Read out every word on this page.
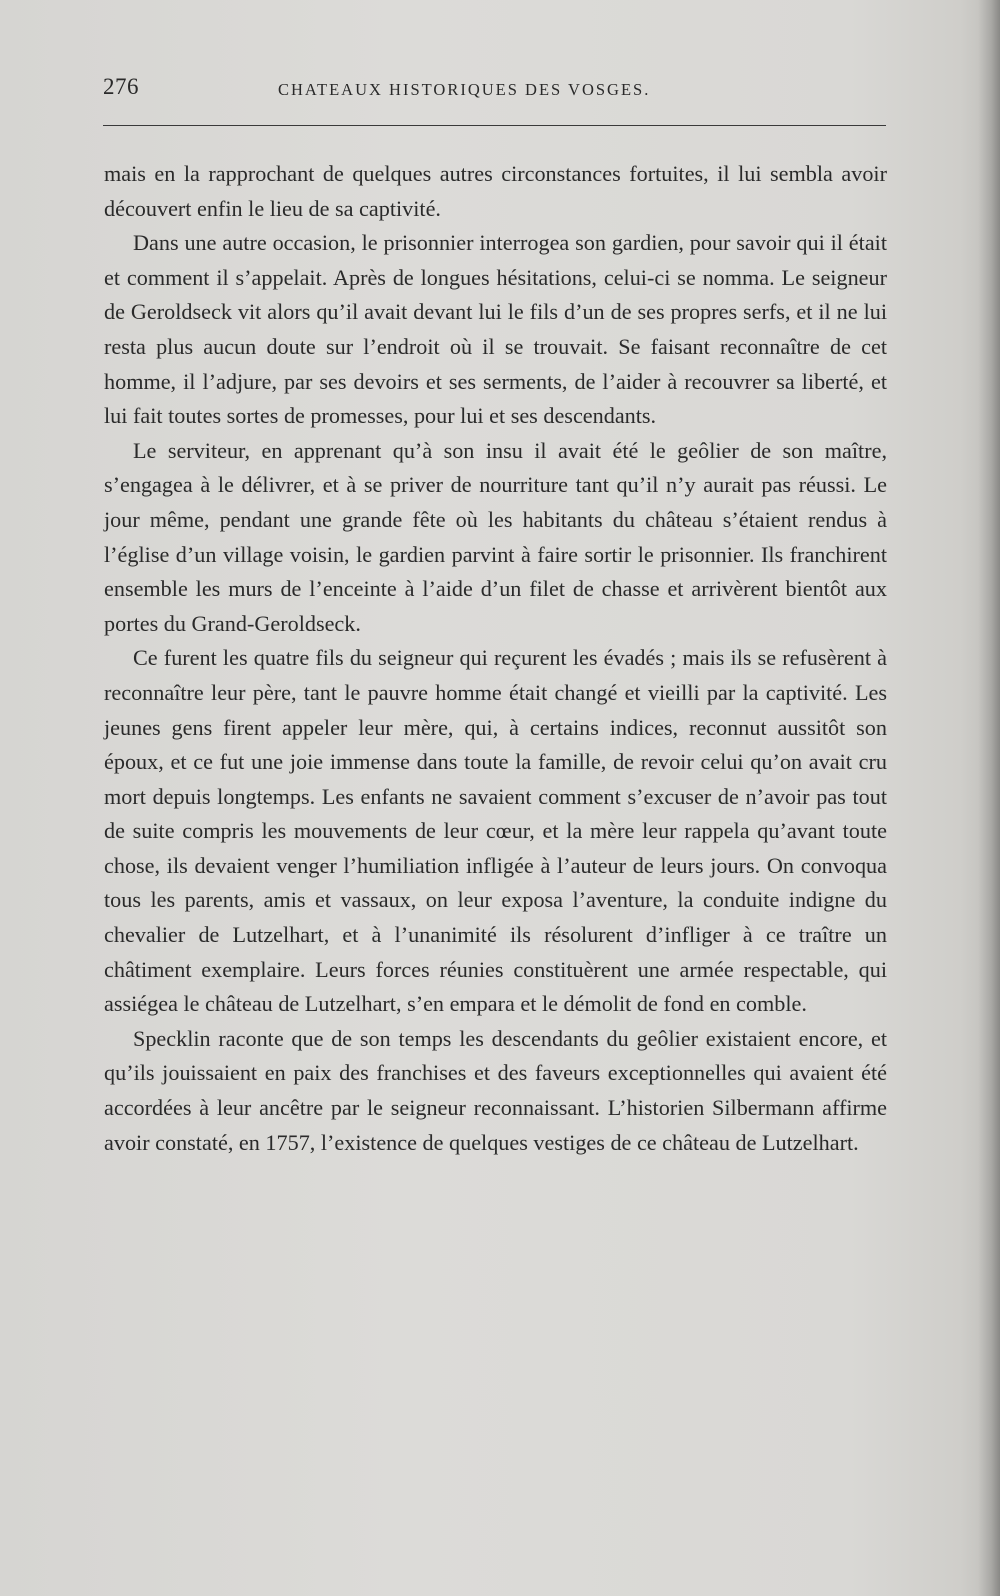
276	CHATEAUX HISTORIQUES DES VOSGES.

mais en la rapprochant de quelques autres circonstances fortuites, il lui sembla avoir découvert enfin le lieu de sa captivité.

Dans une autre occasion, le prisonnier interrogea son gardien, pour savoir qui il était et comment il s’appelait. Après de longues hésitations, celui-ci se nomma. Le seigneur de Geroldseck vit alors qu’il avait devant lui le fils d’un de ses propres serfs, et il ne lui resta plus aucun doute sur l’endroit où il se trouvait. Se faisant reconnaître de cet homme, il l’adjure, par ses devoirs et ses serments, de l’aider à recouvrer sa liberté, et lui fait toutes sortes de promesses, pour lui et ses descendants.

Le serviteur, en apprenant qu’à son insu il avait été le geôlier de son maître, s’engagea à le délivrer, et à se priver de nourriture tant qu’il n’y aurait pas réussi. Le jour même, pendant une grande fête où les habitants du château s’étaient rendus à l’église d’un village voisin, le gardien parvint à faire sortir le prisonnier. Ils franchirent ensemble les murs de l’enceinte à l’aide d’un filet de chasse et arrivèrent bientôt aux portes du Grand-Geroldseck.

Ce furent les quatre fils du seigneur qui reçurent les évadés ; mais ils se refusèrent à reconnaître leur père, tant le pauvre homme était changé et vieilli par la captivité. Les jeunes gens firent appeler leur mère, qui, à certains indices, reconnut aussitôt son époux, et ce fut une joie immense dans toute la famille, de revoir celui qu’on avait cru mort depuis longtemps. Les enfants ne savaient comment s’excuser de n’avoir pas tout de suite compris les mouvements de leur cœur, et la mère leur rappela qu’avant toute chose, ils devaient venger l’humiliation infligée à l’auteur de leurs jours. On convoqua tous les parents, amis et vassaux, on leur exposa l’aventure, la conduite indigne du chevalier de Lutzelhart, et à l’unanimité ils résolurent d’infliger à ce traître un châtiment exemplaire. Leurs forces réunies constituèrent une armée respectable, qui assiégea le château de Lutzelhart, s’en empara et le démolit de fond en comble.

Specklin raconte que de son temps les descendants du geôlier existaient encore, et qu’ils jouissaient en paix des franchises et des faveurs exceptionnelles qui avaient été accordées à leur ancêtre par le seigneur reconnaissant. L’historien Silbermann affirme avoir constaté, en 1757, l’existence de quelques vestiges de ce château de Lutzelhart.
